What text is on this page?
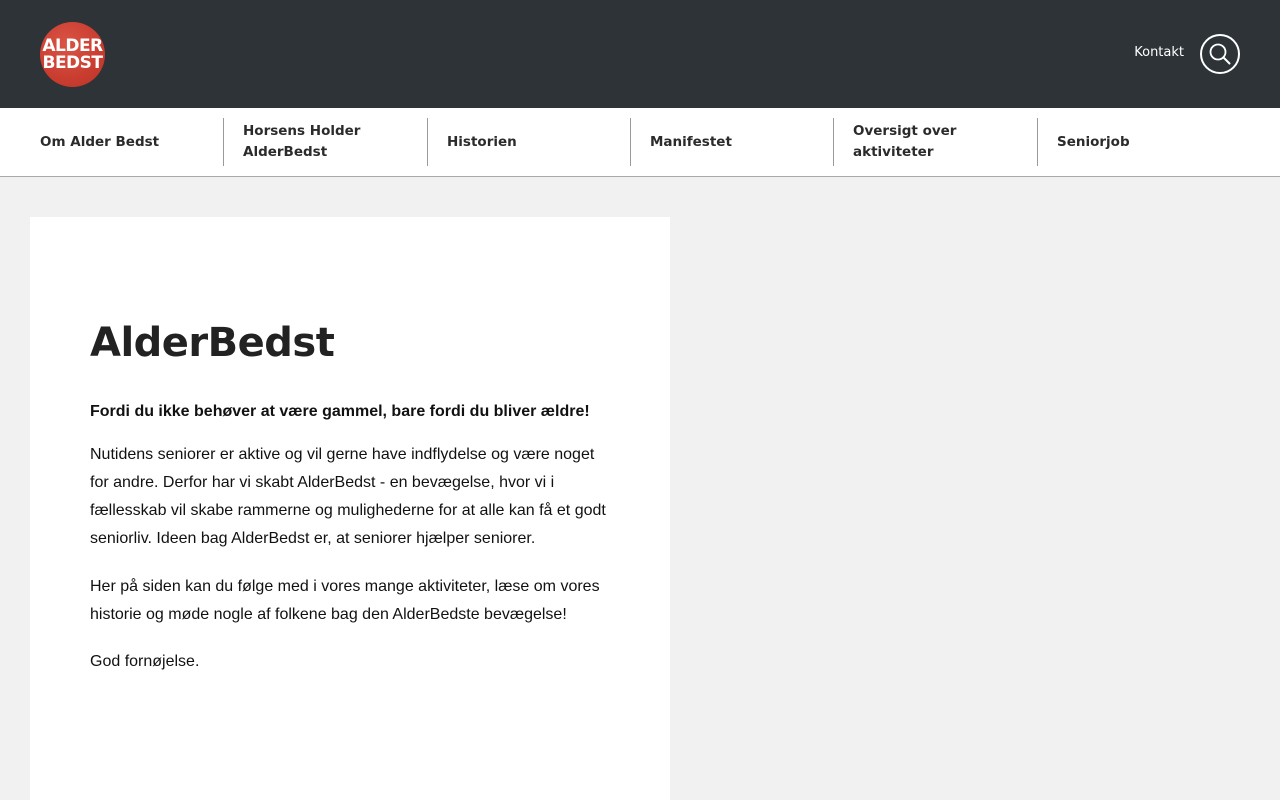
ALDER
BEDST	Kontakt
Om Alder Bedst
Horsens Holder AlderBedst
Historien	Manifestet
Oversigt over aktiviteter
Seniorjob
AlderBedst

Fordi du ikke behøver at være gammel, bare fordi du bliver ældre!

Nutidens seniorer er aktive og vil gerne have indflydelse og være noget for andre. Derfor har vi skabt AlderBedst - en bevægelse, hvor vi i fællesskab vil skabe rammerne og mulighederne for at alle kan få et godt seniorliv. Ideen bag AlderBedst er, at seniorer hjælper seniorer.

Her på siden kan du følge med i vores mange aktiviteter, læse om vores historie og møde nogle af folkene bag den AlderBedste bevægelse!

God fornøjelse.
